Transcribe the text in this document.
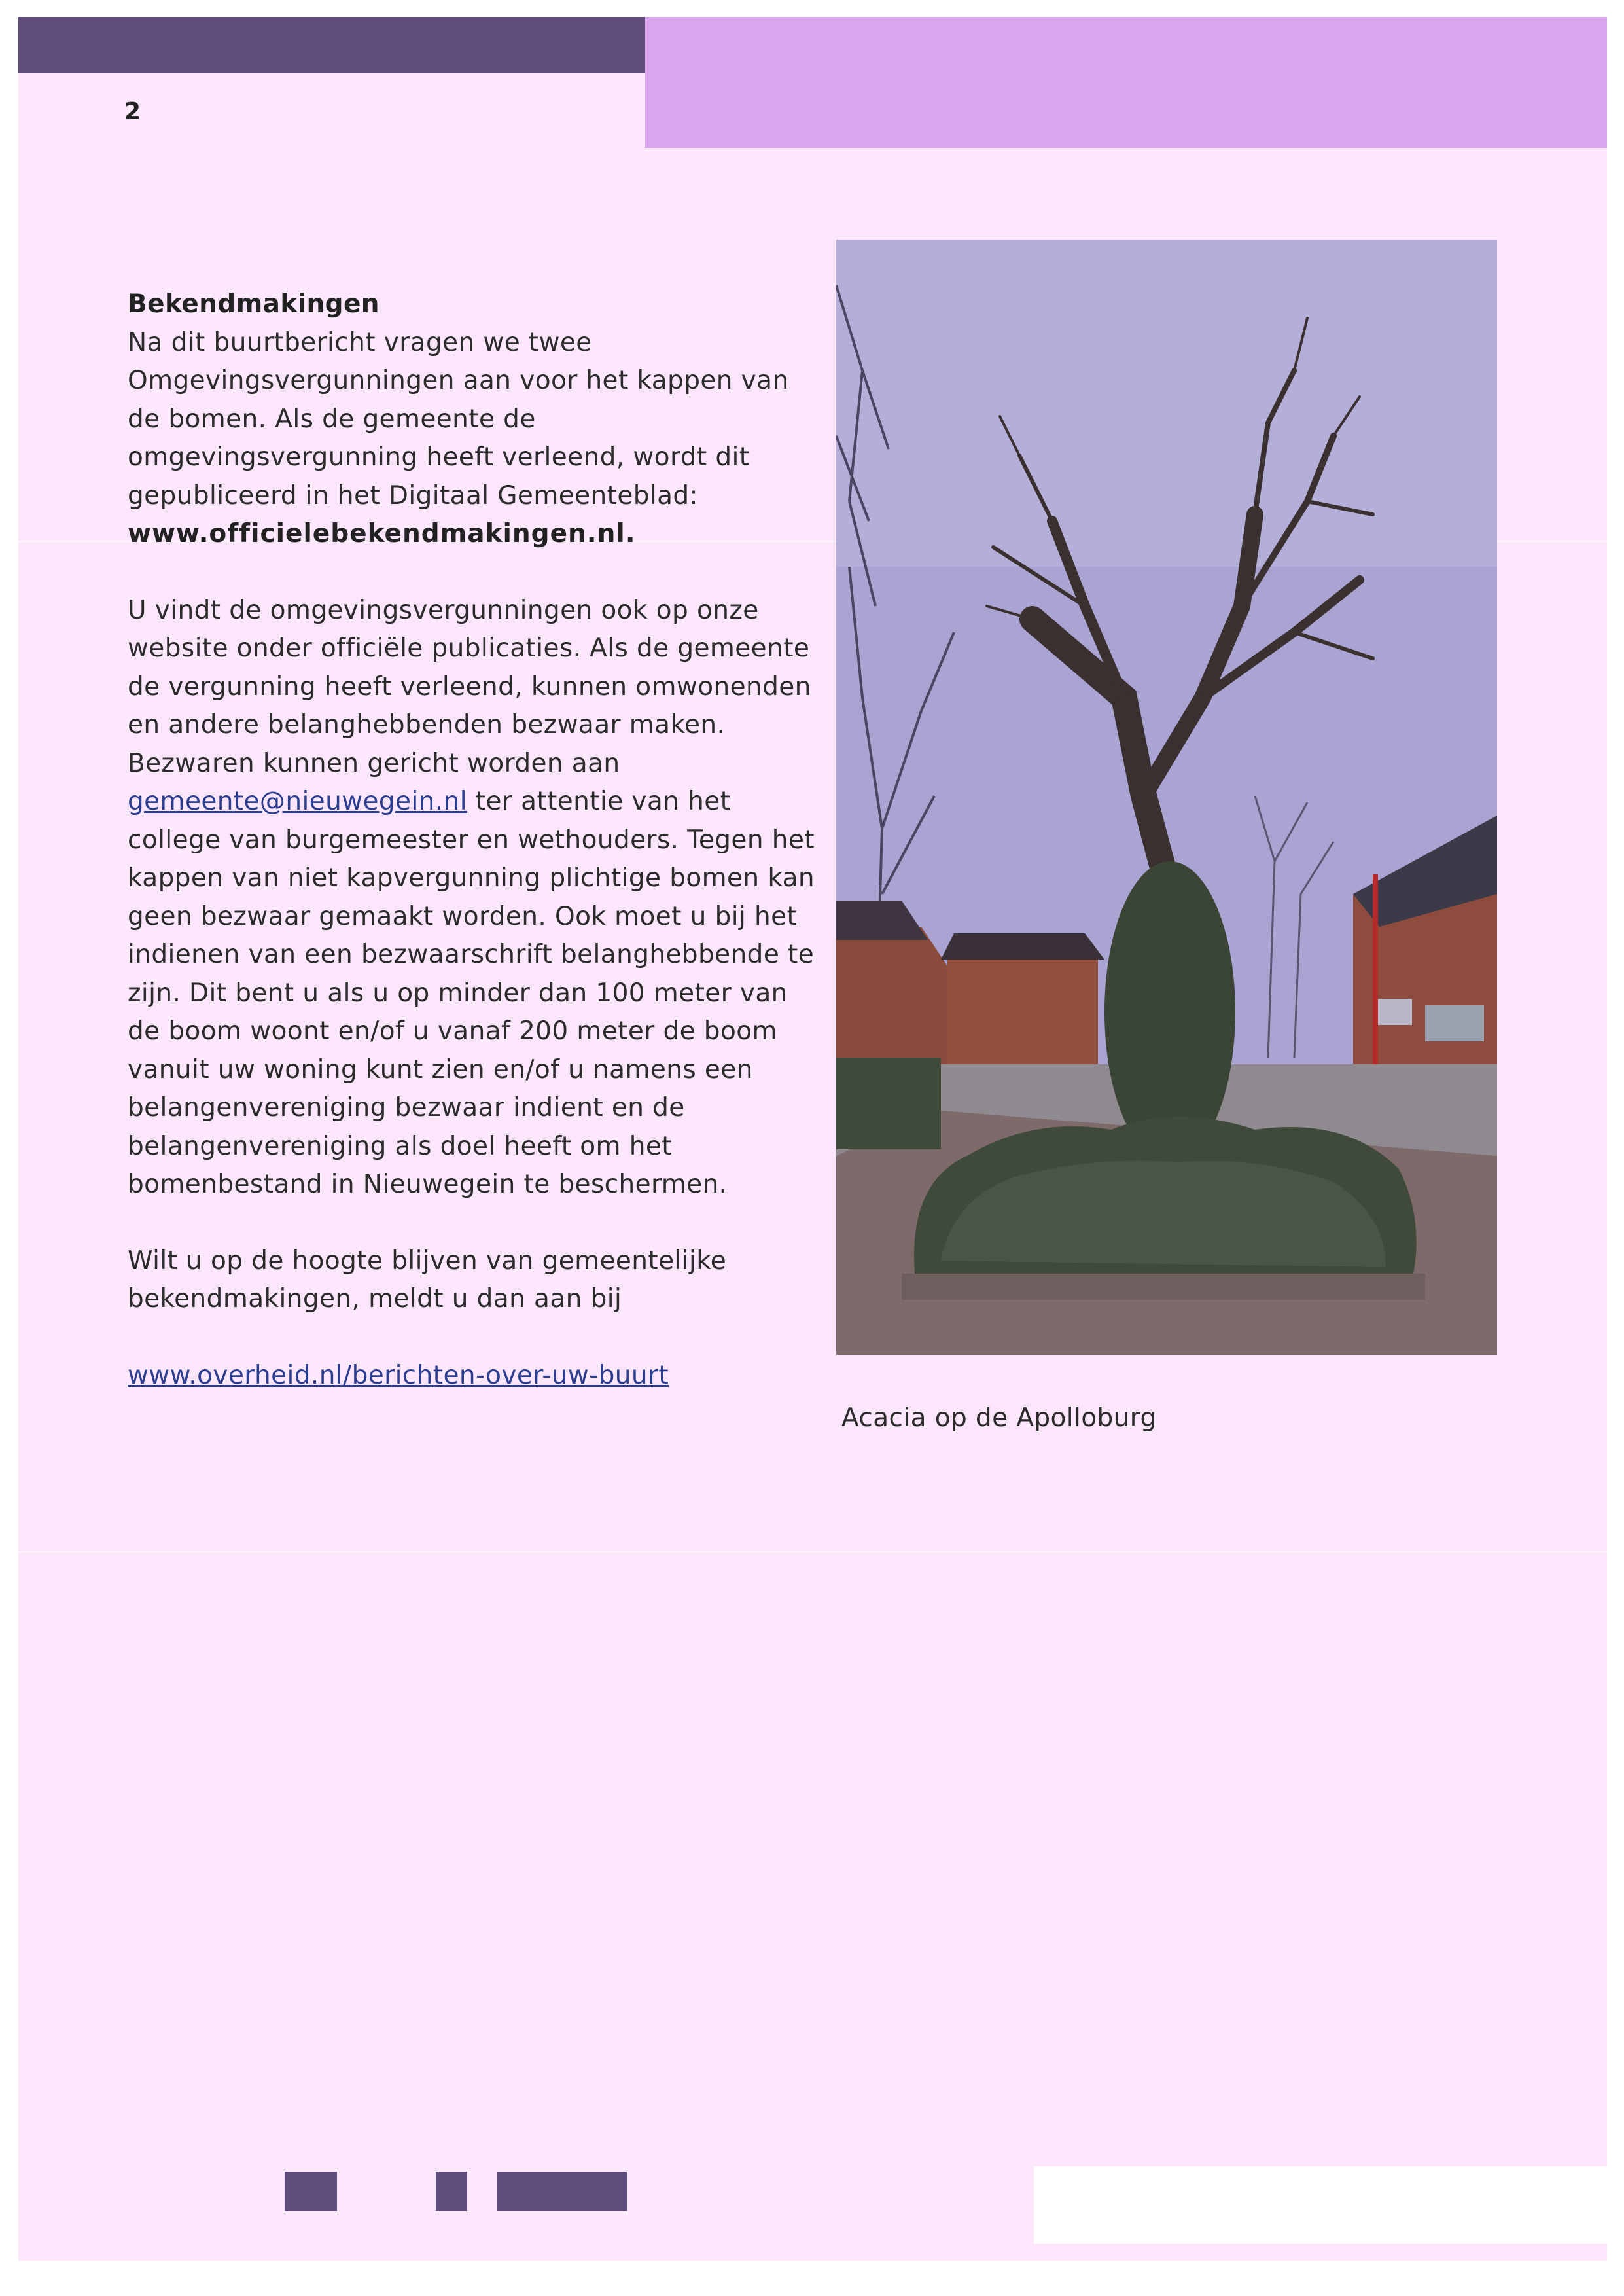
2

Bekendmakingen

Na dit buurtbericht vragen we twee Omgevingsvergunningen aan voor het kappen van de bomen. Als de gemeente de omgevingsvergunning heeft verleend, wordt dit gepubliceerd in het Digitaal Gemeenteblad:

www.officielebekendmakingen.nl.

U vindt de omgevingsvergunningen ook op onze website onder officiële publicaties. Als de gemeente de vergunning heeft verleend, kunnen omwonenden en andere belanghebbenden bezwaar maken. Bezwaren kunnen gericht worden aan gemeente@nieuwegein.nl ter attentie van het college van burgemeester en wethouders. Tegen het kappen van niet kapvergunning plichtige bomen kan geen bezwaar gemaakt worden. Ook moet u bij het indienen van een bezwaarschrift belanghebbende te zijn. Dit bent u als u op minder dan 100 meter van de boom woont en/of u vanaf 200 meter de boom vanuit uw woning kunt zien en/of u namens een belangenvereniging bezwaar indient en de belangenvereniging als doel heeft om het bomenbestand in Nieuwegein te beschermen.

Wilt u op de hoogte blijven van gemeentelijke bekendmakingen, meldt u dan aan bij

www.overheid.nl/berichten-over-uw-buurt

Acacia op de Apolloburg
